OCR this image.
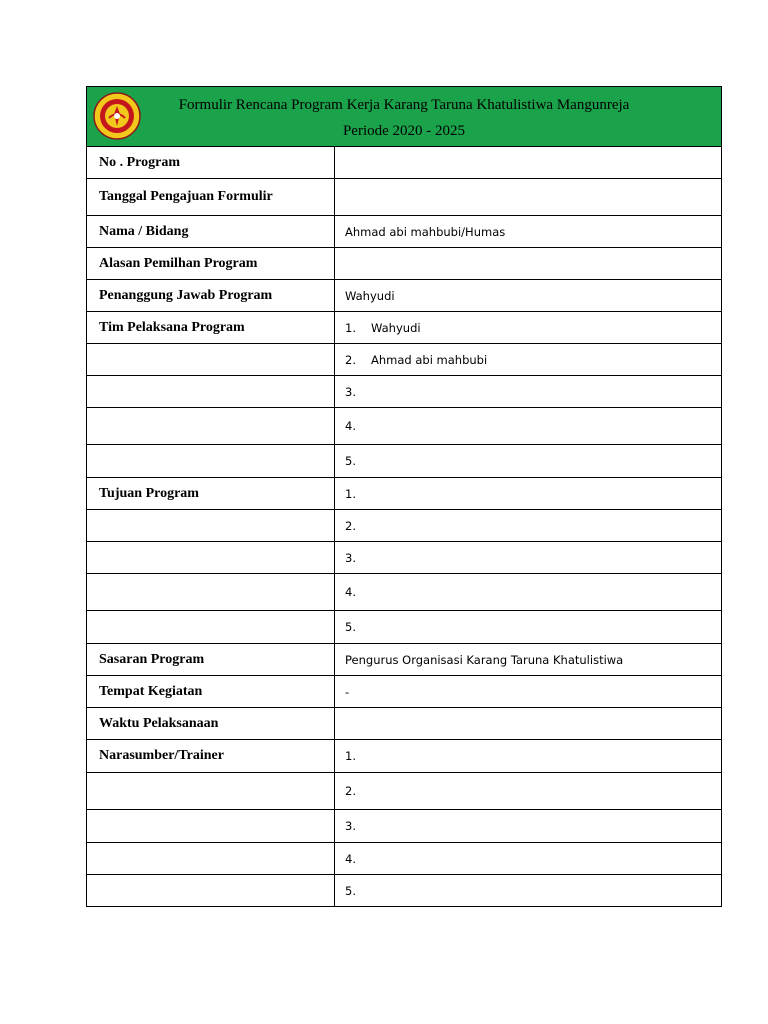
Formulir Rencana Program Kerja Karang Taruna Khatulistiwa Mangunreja
Periode 2020 - 2025	

No . Program	
Tanggal Pengajuan Formulir	
Nama / Bidang	Ahmad abi mahbubi/Humas
Alasan Pemilhan Program	
Penanggung Jawab Program	Wahyudi
Tim Pelaksana Program	1. Wahyudi
	2. Ahmad abi mahbubi
	3.
	4.
	5.
Tujuan Program	1.
	2.
	3.
	4.
	5.
Sasaran Program	Pengurus Organisasi Karang Taruna Khatulistiwa
Tempat Kegiatan	-
Waktu Pelaksanaan	
Narasumber/Trainer	1.
	2.
	3.
	4.
	5.
